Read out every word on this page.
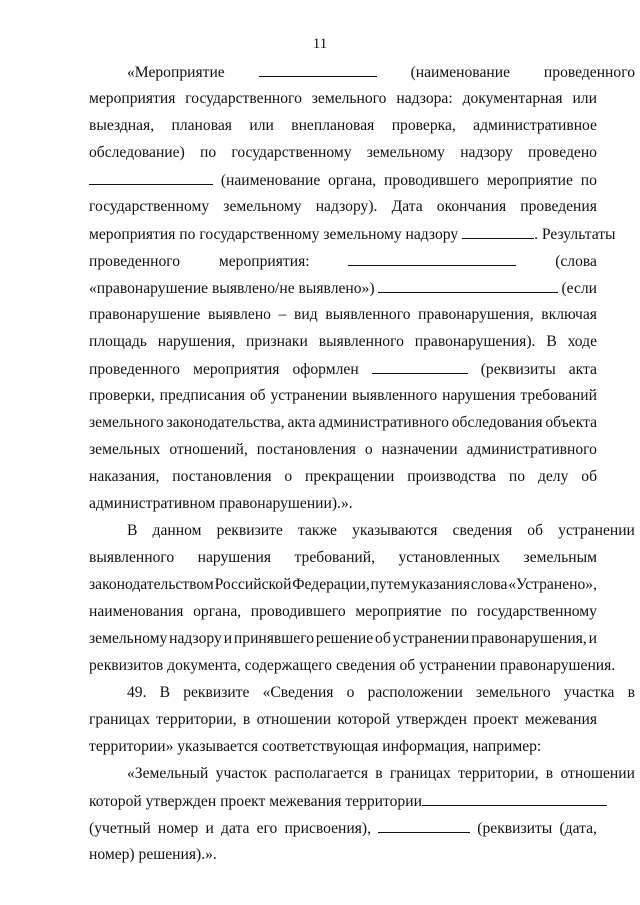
11
«Мероприятие	(наименование проведенного
мероприятия государственного земельного надзора: документарная или
выездная, плановая или внеплановая проверка, административное
обследование) по государственному земельному надзору проведено
(наименование органа, проводившего мероприятие по
государственному земельному надзору). Дата окончания проведения
мероприятия по государственному земельному надзору	. Результаты
проведенного мероприятия:	(слова
«правонарушение выявлено/не выявлено»)	(если
правонарушение выявлено – вид выявленного правонарушения, включая
площадь нарушения, признаки выявленного правонарушения). В ходе
проведенного мероприятия оформлен	(реквизиты акта
проверки, предписания об устранении выявленного нарушения требований
земельного законодательства, акта административного обследования объекта
земельных отношений, постановления о назначении административного
наказания, постановления о прекращении производства по делу об
административном правонарушении).».
В данном реквизите также указываются сведения об устранении
выявленного нарушения требований, установленных земельным
законодательством Российской Федерации, путем указания слова «Устранено»,
наименования органа, проводившего мероприятие по государственному
земельному надзору и принявшего решение об устранении правонарушения, и
реквизитов документа, содержащего сведения об устранении правонарушения.
49. В реквизите «Сведения о расположении земельного участка в
границах территории, в отношении которой утвержден проект межевания
территории» указывается соответствующая информация, например:
«Земельный участок располагается в границах территории, в отношении
которой утвержден проект межевания территории
(учетный номер и дата его присвоения),	(реквизиты (дата,
номер) решения).».
